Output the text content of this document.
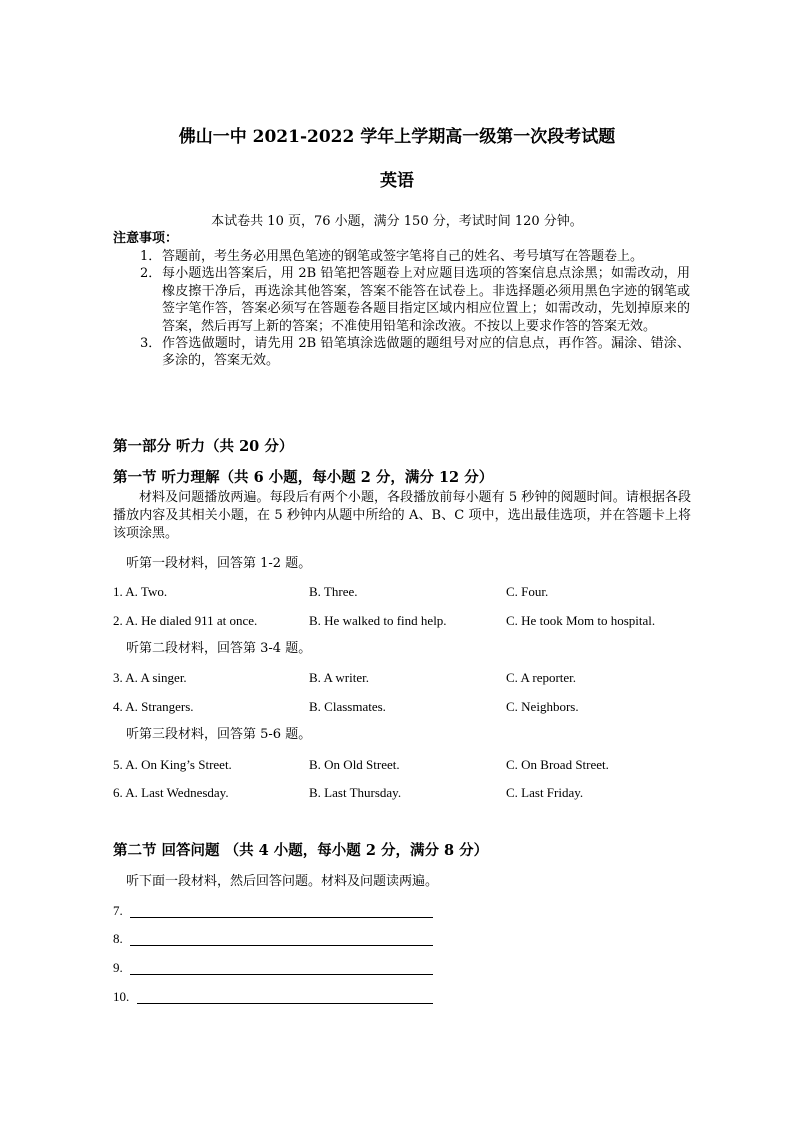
佛山一中 2021-2022 学年上学期高一级第一次段考试题
英语
本试卷共 10 页，76 小题，满分 150 分，考试时间 120 分钟。
注意事项：
1． 答题前，考生务必用黑色笔迹的钢笔或签字笔将自己的姓名、考号填写在答题卷上。
2． 每小题选出答案后，用 2B 铅笔把答题卷上对应题目选项的答案信息点涂黑；如需改动，用橡皮擦干净后，再选涂其他答案，答案不能答在试卷上。非选择题必须用黑色字迹的钢笔或签字笔作答，答案必须写在答题卷各题目指定区域内相应位置上；如需改动，先划掉原来的答案，然后再写上新的答案；不准使用铅笔和涂改液。不按以上要求作答的答案无效。
3． 作答选做题时，请先用 2B 铅笔填涂选做题的题组号对应的信息点，再作答。漏涂、错涂、多涂的，答案无效。
第一部分 听力（共 20 分）
第一节 听力理解（共 6 小题，每小题 2 分，满分 12 分）
材料及问题播放两遍。每段后有两个小题，各段播放前每小题有 5 秒钟的阅题时间。请根据各段播放内容及其相关小题，在 5 秒钟内从题中所给的 A、B、C 项中，选出最佳选项，并在答题卡上将该项涂黑。
听第一段材料，回答第 1-2 题。
1. A. Two.	B. Three.	C. Four.
2. A. He dialed 911 at once.	B. He walked to find help.	C. He took Mom to hospital.
听第二段材料，回答第 3-4 题。
3. A. A singer.	B. A writer.	C. A reporter.
4. A. Strangers.	B. Classmates.	C. Neighbors.
听第三段材料，回答第 5-6 题。
5. A. On King’s Street.	B. On Old Street.	C. On Broad Street.
6. A. Last Wednesday.	B. Last Thursday.	C. Last Friday.
第二节 回答问题 （共 4 小题，每小题 2 分，满分 8 分）
听下面一段材料，然后回答问题。材料及问题读两遍。
7.
8.
9.
10.
